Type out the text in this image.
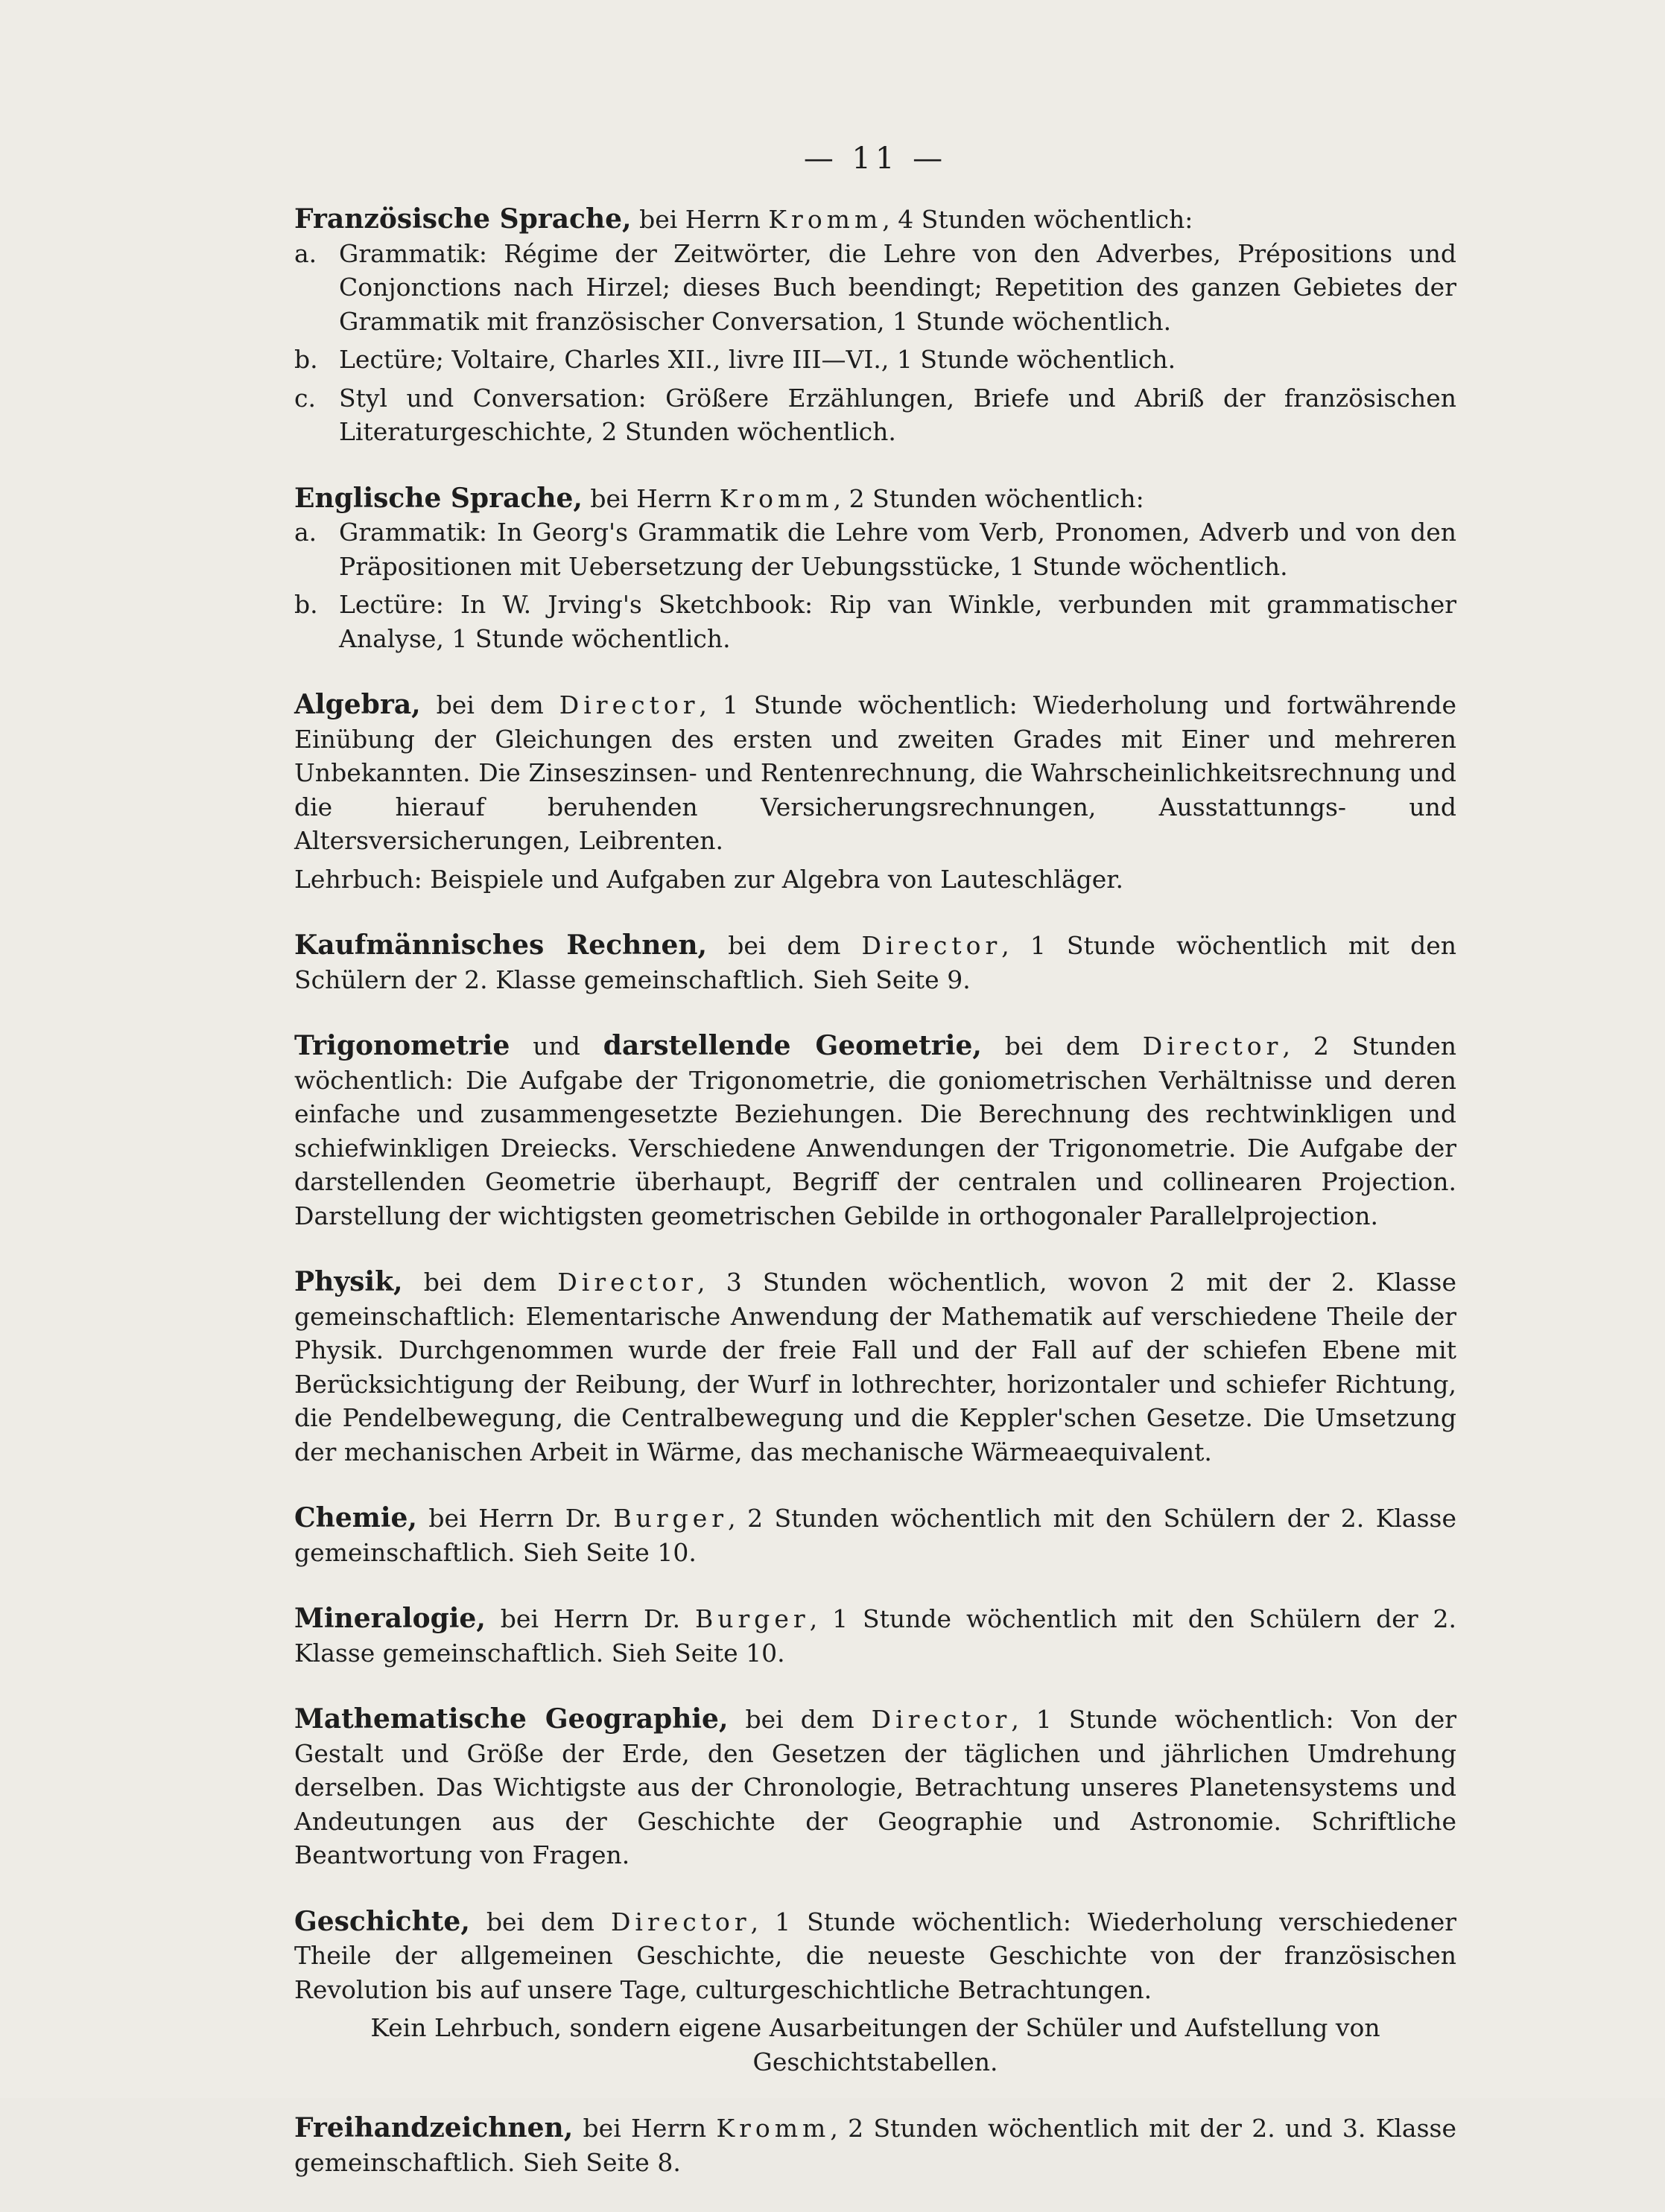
— 11 —

Französische Sprache, bei Herrn Kromm, 4 Stunden wöchentlich:

a. Grammatik: Régime der Zeitwörter, die Lehre von den Adverbes, Prépositions und Conjonctions nach Hirzel; dieses Buch beendingt; Repetition des ganzen Gebietes der Grammatik mit französischer Conversation, 1 Stunde wöchentlich.
b. Lectüre; Voltaire, Charles XII., livre III—VI., 1 Stunde wöchentlich.
c. Styl und Conversation: Größere Erzählungen, Briefe und Abriß der französischen Literaturgeschichte, 2 Stunden wöchentlich.

Englische Sprache, bei Herrn Kromm, 2 Stunden wöchentlich:

a. Grammatik: In Georg's Grammatik die Lehre vom Verb, Pronomen, Adverb und von den Präpositionen mit Uebersetzung der Uebungsstücke, 1 Stunde wöchentlich.
b. Lectüre: In W. Jrving's Sketchbook: Rip van Winkle, verbunden mit grammatischer Analyse, 1 Stunde wöchentlich.

Algebra, bei dem Director, 1 Stunde wöchentlich: Wiederholung und fortwährende Einübung der Gleichungen des ersten und zweiten Grades mit Einer und mehreren Unbekannten. Die Zinseszinsen- und Rentenrechnung, die Wahrscheinlichkeitsrechnung und die hierauf beruhenden Versicherungsrechnungen, Ausstattunngs- und Altersversicherungen, Leibrenten.

Lehrbuch: Beispiele und Aufgaben zur Algebra von Lauteschläger.

Kaufmännisches Rechnen, bei dem Director, 1 Stunde wöchentlich mit den Schülern der 2. Klasse gemeinschaftlich. Sieh Seite 9.

Trigonometrie und darstellende Geometrie, bei dem Director, 2 Stunden wöchentlich: Die Aufgabe der Trigonometrie, die goniometrischen Verhältnisse und deren einfache und zusammengesetzte Beziehungen. Die Berechnung des rechtwinkligen und schiefwinkligen Dreiecks. Verschiedene Anwendungen der Trigonometrie. Die Aufgabe der darstellenden Geometrie überhaupt, Begriff der centralen und collinearen Projection. Darstellung der wichtigsten geometrischen Gebilde in orthogonaler Parallelprojection.

Physik, bei dem Director, 3 Stunden wöchentlich, wovon 2 mit der 2. Klasse gemeinschaftlich: Elementarische Anwendung der Mathematik auf verschiedene Theile der Physik. Durchgenommen wurde der freie Fall und der Fall auf der schiefen Ebene mit Berücksichtigung der Reibung, der Wurf in lothrechter, horizontaler und schiefer Richtung, die Pendelbewegung, die Centralbewegung und die Keppler'schen Gesetze. Die Umsetzung der mechanischen Arbeit in Wärme, das mechanische Wärmeaequivalent.

Chemie, bei Herrn Dr. Burger, 2 Stunden wöchentlich mit den Schülern der 2. Klasse gemeinschaftlich. Sieh Seite 10.

Mineralogie, bei Herrn Dr. Burger, 1 Stunde wöchentlich mit den Schülern der 2. Klasse gemeinschaftlich. Sieh Seite 10.

Mathematische Geographie, bei dem Director, 1 Stunde wöchentlich: Von der Gestalt und Größe der Erde, den Gesetzen der täglichen und jährlichen Umdrehung derselben. Das Wichtigste aus der Chronologie, Betrachtung unseres Planetensystems und Andeutungen aus der Geschichte der Geographie und Astronomie. Schriftliche Beantwortung von Fragen.

Geschichte, bei dem Director, 1 Stunde wöchentlich: Wiederholung verschiedener Theile der allgemeinen Geschichte, die neueste Geschichte von der französischen Revolution bis auf unsere Tage, culturgeschichtliche Betrachtungen.

Kein Lehrbuch, sondern eigene Ausarbeitungen der Schüler und Aufstellung von Geschichtstabellen.

Freihandzeichnen, bei Herrn Kromm, 2 Stunden wöchentlich mit der 2. und 3. Klasse gemeinschaftlich. Sieh Seite 8.
